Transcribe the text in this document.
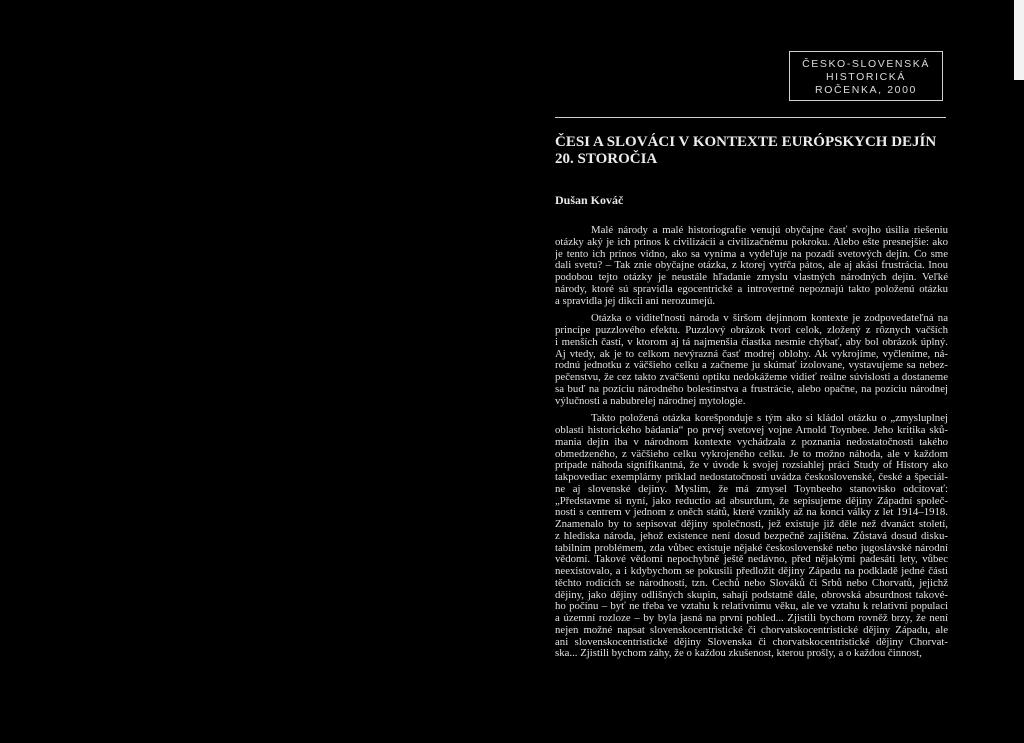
ČESKO-SLOVENSKÁ
HISTORICKÁ
ROČENKA, 2000
ČESI A SLOVÁCI V KONTEXTE EURÓPSKYCH DEJÍN
20. STOROČIA
Dušan Kováč
Malé národy a malé historiografie venujú obyčajne časť svojho úsilia riešeniu
otázky aký je ich prínos k civilizácii a civilizačnému pokroku. Alebo ešte presnejšie: ako
je tento ich prínos vidno, ako sa vyníma a vydeľuje na pozadí svetových dejín. Čo sme
dali svetu? – Tak znie obyčajne otázka, z ktorej vytŕča pátos, ale aj akási frustrácia. Inou
podobou tejto otázky je neustále hľadanie zmyslu vlastných národných dejín. Veľké
národy, ktoré sú spravidla egocentrické a introvertné nepoznajú takto položenú otázku
a spravidla jej dikcii ani nerozumejú.
Otázka o viditeľnosti národa v širšom dejinnom kontexte je zodpovedateľná na
princípe puzzlového efektu. Puzzlový obrázok tvorí celok, zložený z rôznych vačších
i menších častí, v ktorom aj tá najmenšia čiastka nesmie chýbať, aby bol obrázok úplný.
Aj vtedy, ak je to celkom nevýrazná časť modrej oblohy. Ak vykrojíme, vyčleníme, ná-
rodnú jednotku z väčšieho celku a začneme ju skúmať izolovane, vystavujeme sa nebez-
pečenstvu, že cez takto zvačšenú optiku nedokážeme vidieť reálne súvislosti a dostaneme
sa buď na pozíciu národného bolestínstva a frustrácie, alebo opačne, na pozíciu národnej
výlučnosti a nabubrelej národnej mytologie.
Takto položená otázka korešponduje s tým ako si kládol otázku o „zmysluplnej
oblasti historického bádania“ po prvej svetovej vojne Arnold Toynbee. Jeho kritika sků-
mania dejín iba v národnom kontexte vychádzala z poznania nedostatočnosti takého
obmedzeného, z väčšieho celku vykrojeného celku. Je to možno náhoda, ale v každom
prípade náhoda signifikantná, že v úvode k svojej rozsiahlej práci Study of History ako
takpovediac exemplárny príklad nedostatočnosti uvádza československé, české a špeciál-
ne aj slovenské dejiny. Myslím, že má zmysel Toynbeeho stanovisko odcitovať:
„Představme si nyní, jako reductio ad absurdum, že sepisujeme dějiny Západní společ-
nosti s centrem v jednom z oněch států, které vznikly až na konci války z let 1914–1918.
Znamenalo by to sepisovat dějiny společnosti, jež existuje již děle než dvanáct století,
z hlediska národa, jehož existence není dosud bezpečně zajištěna. Zůstavá dosud disku-
tabilním problémem, zda vůbec existuje nějaké československé nebo jugoslávské národní
vědomí. Takové vědomí nepochybně ještě nedávno, před nějakými padesáti lety, vůbec
neexistovalo, a i kdybychom se pokusili předložit dějiny Západu na podkladě jedné části
těchto rodících se národností, tzn. Čechů nebo Slováků či Srbů nebo Chorvatů, jejichž
dějiny, jako dějiny odlišných skupin, sahají podstatně dále, obrovská absurdnost takové-
ho počínu – byť ne třeba ve vztahu k relativnímu věku, ale ve vztahu k relativní populaci
a územní rozloze – by byla jasná na první pohled... Zjistili bychom rovněž brzy, že není
nejen možné napsat slovenskocentristické či chorvatskocentristické dějiny Západu, ale
ani slovenskocentristické dějiny Slovenska či chorvatskocentristické dějiny Chorvat-
ska... Zjistili bychom záhy, že o každou zkušenost, kterou prošly, a o každou činnost,
